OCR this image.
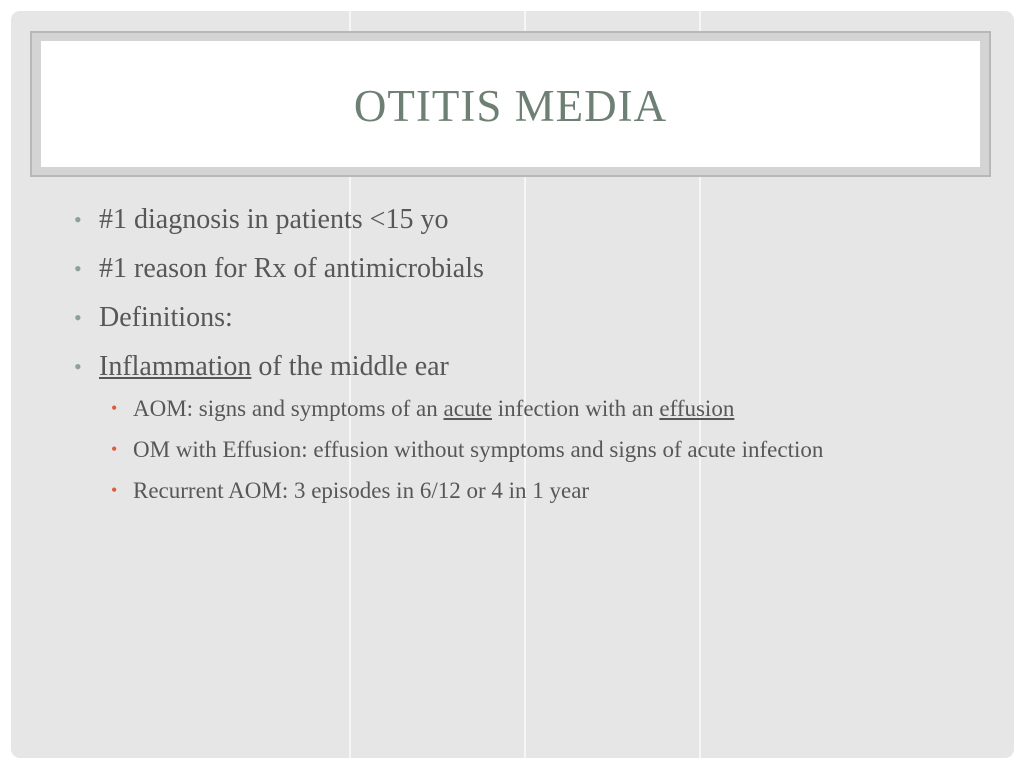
OTITIS MEDIA
• #1 diagnosis in patients <15 yo
• #1 reason for Rx of antimicrobials
• Definitions:
• Inflammation of the middle ear
• AOM: signs and symptoms of an acute infection with an effusion
• OM with Effusion: effusion without symptoms and signs of acute infection
• Recurrent AOM: 3 episodes in 6/12 or 4 in 1 year
